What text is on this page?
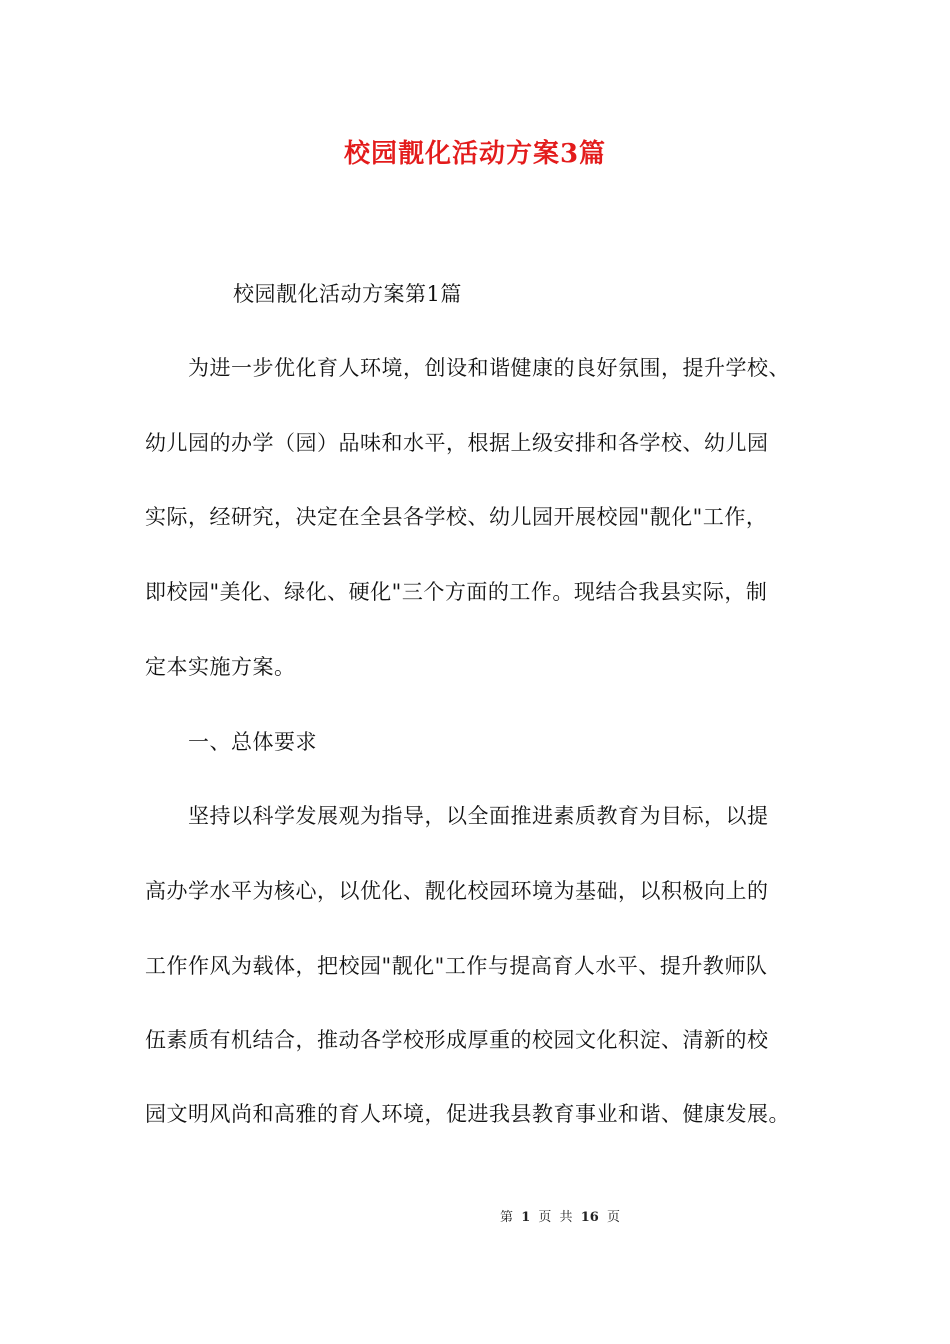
校园靓化活动方案3篇
校园靓化活动方案第1篇
为进一步优化育人环境，创设和谐健康的良好氛围，提升学校、
幼儿园的办学（园）品味和水平，根据上级安排和各学校、幼儿园
实际，经研究，决定在全县各学校、幼儿园开展校园"靓化"工作，
即校园"美化、绿化、硬化"三个方面的工作。现结合我县实际，制
定本实施方案。
一、总体要求
坚持以科学发展观为指导，以全面推进素质教育为目标，以提
高办学水平为核心，以优化、靓化校园环境为基础，以积极向上的
工作作风为载体，把校园"靓化"工作与提高育人水平、提升教师队
伍素质有机结合，推动各学校形成厚重的校园文化积淀、清新的校
园文明风尚和高雅的育人环境，促进我县教育事业和谐、健康发展。
第 1 页 共 16 页
